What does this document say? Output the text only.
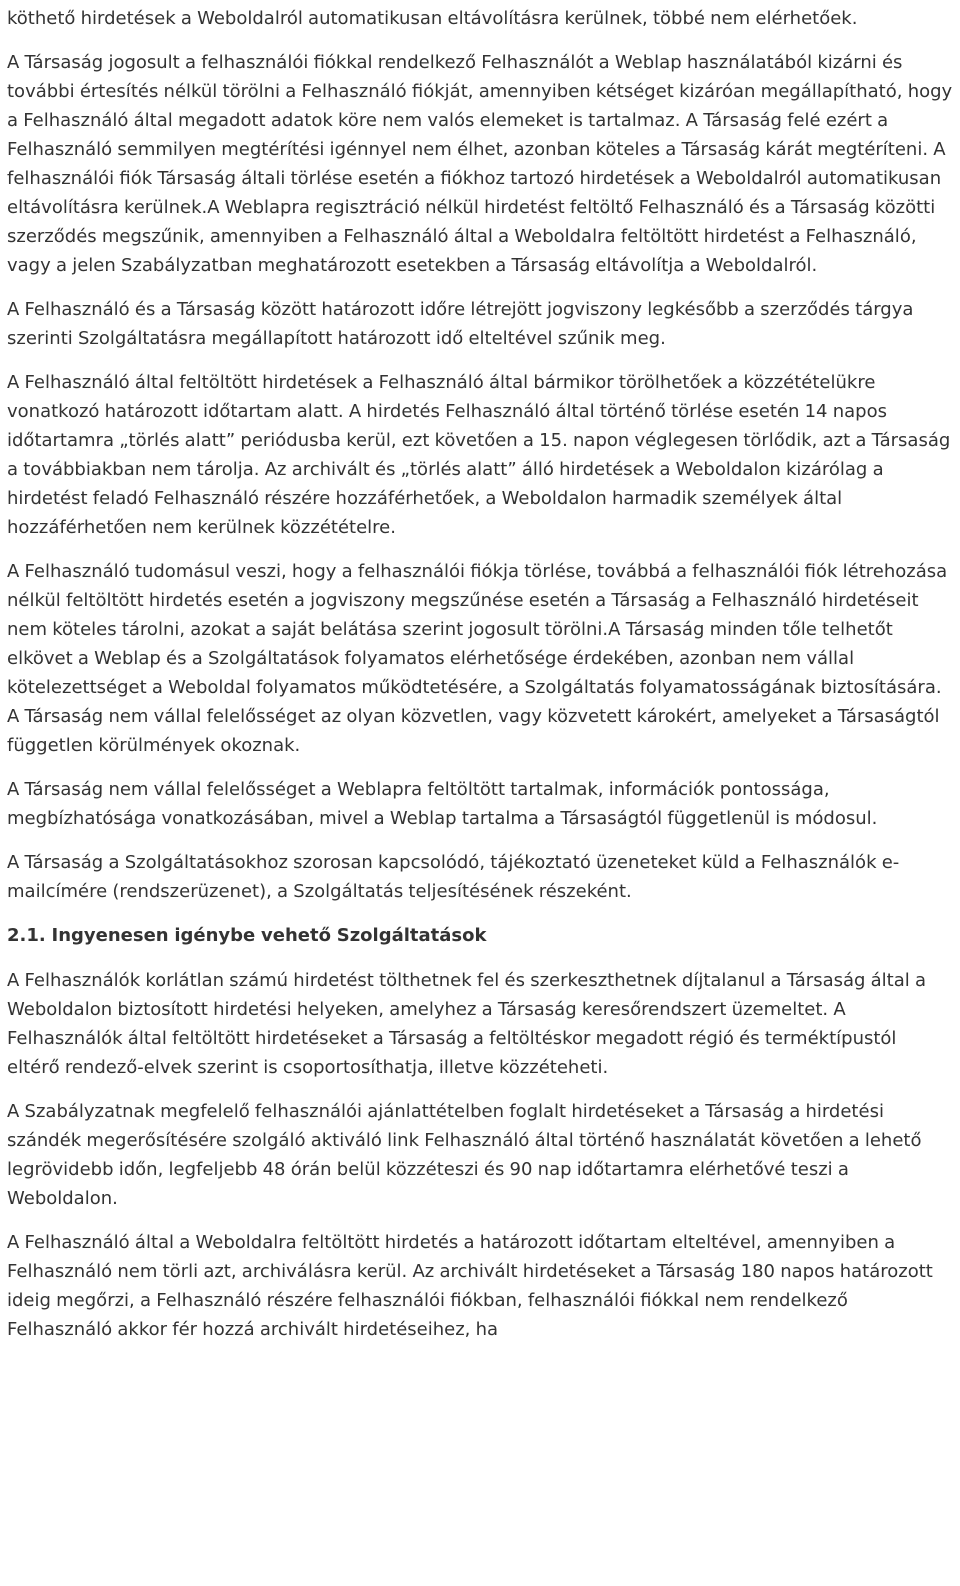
köthető hirdetések a Weboldalról automatikusan eltávolításra kerülnek, többé nem elérhetőek.

A Társaság jogosult a felhasználói fiókkal rendelkező Felhasználót a Weblap használatából kizárni és további értesítés nélkül törölni a Felhasználó fiókját, amennyiben kétséget kizáróan megállapítható, hogy a Felhasználó által megadott adatok köre nem valós elemeket is tartalmaz. A Társaság felé ezért a Felhasználó semmilyen megtérítési igénnyel nem élhet, azonban köteles a Társaság kárát megtéríteni. A felhasználói fiók Társaság általi törlése esetén a fiókhoz tartozó hirdetések a Weboldalról automatikusan eltávolításra kerülnek.A Weblapra regisztráció nélkül hirdetést feltöltő Felhasználó és a Társaság közötti szerződés megszűnik, amennyiben a Felhasználó által a Weboldalra feltöltött hirdetést a Felhasználó, vagy a jelen Szabályzatban meghatározott esetekben a Társaság eltávolítja a Weboldalról.

A Felhasználó és a Társaság között határozott időre létrejött jogviszony legkésőbb a szerződés tárgya szerinti Szolgáltatásra megállapított határozott idő elteltével szűnik meg.

A Felhasználó által feltöltött hirdetések a Felhasználó által bármikor törölhetőek a közzétételükre vonatkozó határozott időtartam alatt. A hirdetés Felhasználó által történő törlése esetén 14 napos időtartamra „törlés alatt” periódusba kerül, ezt követően a 15. napon véglegesen törlődik, azt a Társaság a továbbiakban nem tárolja. Az archivált és „törlés alatt” álló hirdetések a Weboldalon kizárólag a hirdetést feladó Felhasználó részére hozzáférhetőek, a Weboldalon harmadik személyek által hozzáférhetően nem kerülnek közzétételre.

A Felhasználó tudomásul veszi, hogy a felhasználói fiókja törlése, továbbá a felhasználói fiók létrehozása nélkül feltöltött hirdetés esetén a jogviszony megszűnése esetén a Társaság a Felhasználó hirdetéseit nem köteles tárolni, azokat a saját belátása szerint jogosult törölni.A Társaság minden tőle telhetőt elkövet a Weblap és a Szolgáltatások folyamatos elérhetősége érdekében, azonban nem vállal kötelezettséget a Weboldal folyamatos működtetésére, a Szolgáltatás folyamatosságának biztosítására. A Társaság nem vállal felelősséget az olyan közvetlen, vagy közvetett károkért, amelyeket a Társaságtól független körülmények okoznak.

A Társaság nem vállal felelősséget a Weblapra feltöltött tartalmak, információk pontossága, megbízhatósága vonatkozásában, mivel a Weblap tartalma a Társaságtól függetlenül is módosul.

A Társaság a Szolgáltatásokhoz szorosan kapcsolódó, tájékoztató üzeneteket küld a Felhasználók e-mailcímére (rendszerüzenet), a Szolgáltatás teljesítésének részeként.

2.1. Ingyenesen igénybe vehető Szolgáltatások

A Felhasználók korlátlan számú hirdetést tölthetnek fel és szerkeszthetnek díjtalanul a Társaság által a Weboldalon biztosított hirdetési helyeken, amelyhez a Társaság keresőrendszert üzemeltet. A Felhasználók által feltöltött hirdetéseket a Társaság a feltöltéskor megadott régió és terméktípustól eltérő rendező-elvek szerint is csoportosíthatja, illetve közzéteheti.

A Szabályzatnak megfelelő felhasználói ajánlattételben foglalt hirdetéseket a Társaság a hirdetési szándék megerősítésére szolgáló aktiváló link Felhasználó által történő használatát követően a lehető legrövidebb időn, legfeljebb 48 órán belül közzéteszi és 90 nap időtartamra elérhetővé teszi a Weboldalon.

A Felhasználó által a Weboldalra feltöltött hirdetés a határozott időtartam elteltével, amennyiben a Felhasználó nem törli azt, archiválásra kerül. Az archivált hirdetéseket a Társaság 180 napos határozott ideig megőrzi, a Felhasználó részére felhasználói fiókban, felhasználói fiókkal nem rendelkező Felhasználó akkor fér hozzá archivált hirdetéseihez, ha
